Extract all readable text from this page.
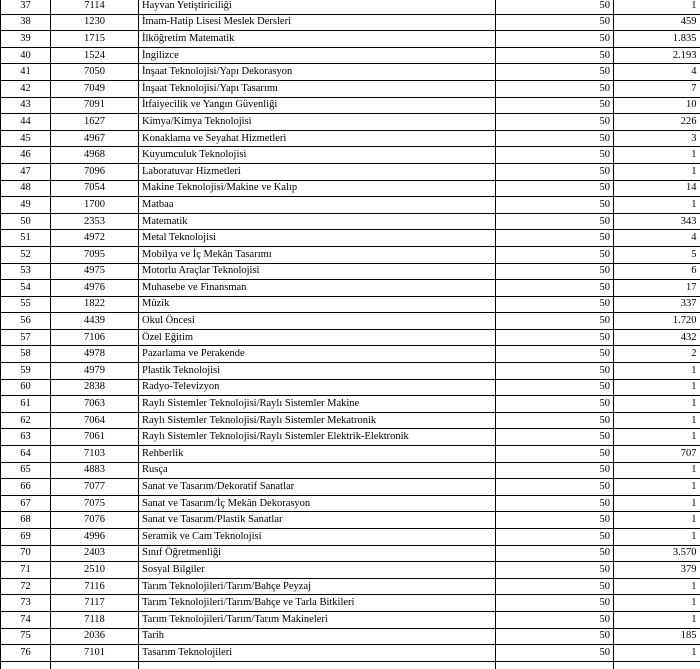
37	7114	Hayvan Yetiştiriciliği	50	1
38	1230	İmam-Hatip Lisesi Meslek Dersleri	50	459
39	1715	İlköğretim Matematik	50	1.835
40	1524	İngilizce	50	2.193
41	7050	İnşaat Teknolojisi/Yapı Dekorasyon	50	4
42	7049	İnşaat Teknolojisi/Yapı Tasarımı	50	7
43	7091	İtfaiyecilik ve Yangın Güvenliği	50	10
44	1627	Kimya/Kimya Teknolojisi	50	226
45	4967	Konaklama ve Seyahat Hizmetleri	50	3
46	4968	Kuyumculuk Teknolojisi	50	1
47	7096	Laboratuvar Hizmetleri	50	1
48	7054	Makine Teknolojisi/Makine ve Kalıp	50	14
49	1700	Matbaa	50	1
50	2353	Matematik	50	343
51	4972	Metal Teknolojisi	50	4
52	7095	Mobilya ve İç Mekân Tasarımı	50	5
53	4975	Motorlu Araçlar Teknolojisi	50	6
54	4976	Muhasebe ve Finansman	50	17
55	1822	Müzik	50	337
56	4439	Okul Öncesi	50	1.720
57	7106	Özel Eğitim	50	432
58	4978	Pazarlama ve Perakende	50	2
59	4979	Plastik Teknolojisi	50	1
60	2838	Radyo-Televizyon	50	1
61	7063	Raylı Sistemler Teknolojisi/Raylı Sistemler Makine	50	1
62	7064	Raylı Sistemler Teknolojisi/Raylı Sistemler Mekatronik	50	1
63	7061	Raylı Sistemler Teknolojisi/Raylı Sistemler Elektrik-Elektronik	50	1
64	7103	Rehberlik	50	707
65	4883	Rusça	50	1
66	7077	Sanat ve Tasarım/Dekoratif Sanatlar	50	1
67	7075	Sanat ve Tasarım/İç Mekân Dekorasyon	50	1
68	7076	Sanat ve Tasarım/Plastik Sanatlar	50	1
69	4996	Seramik ve Cam Teknolojisi	50	1
70	2403	Sınıf Öğretmenliği	50	3.570
71	2510	Sosyal Bilgiler	50	379
72	7116	Tarım Teknolojileri/Tarım/Bahçe Peyzaj	50	1
73	7117	Tarım Teknolojileri/Tarım/Bahçe ve Tarla Bitkileri	50	1
74	7118	Tarım Teknolojileri/Tarım/Tarım Makineleri	50	1
75	2036	Tarih	50	185
76	7101	Tasarım Teknolojileri	50	1
